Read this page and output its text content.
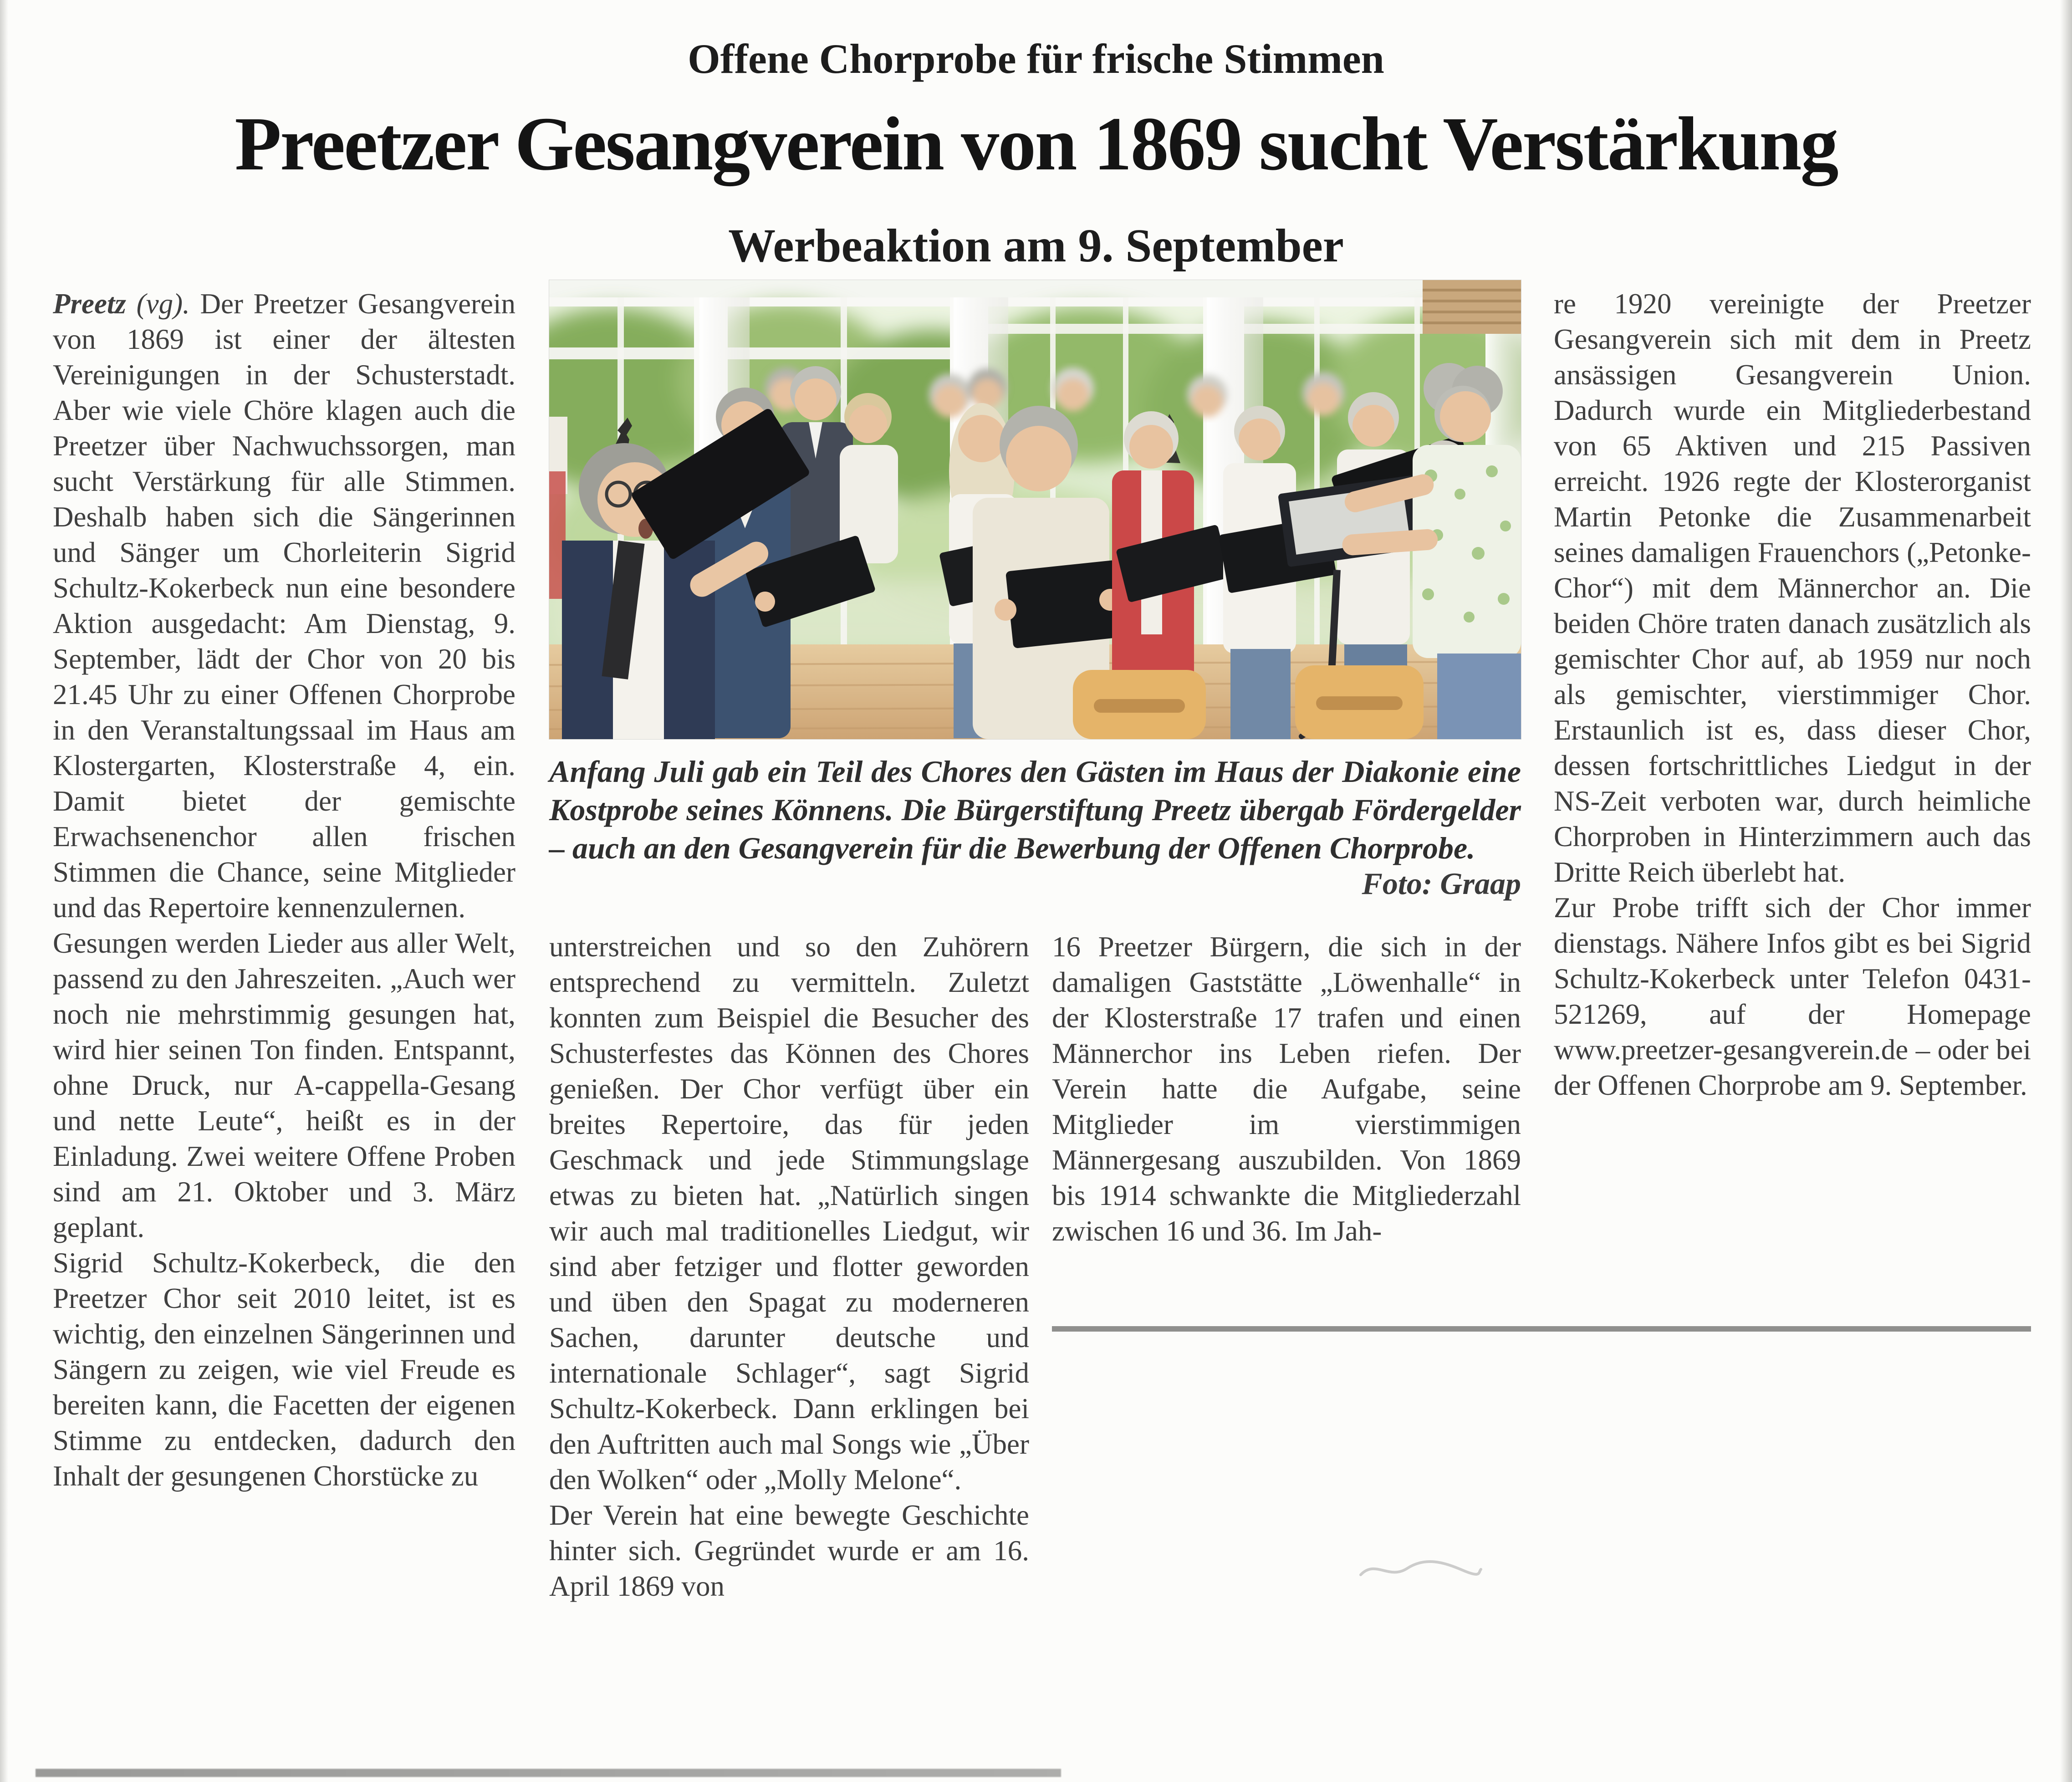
Offene Chorprobe für frische Stimmen
Preetzer Gesangverein von 1869 sucht Verstärkung
Werbeaktion am 9. September

Preetz (vg). Der Preetzer Gesangverein von 1869 ist einer der ältesten Vereinigungen in der Schusterstadt. Aber wie viele Chöre klagen auch die Preetzer über Nachwuchssorgen, man sucht Verstärkung für alle Stimmen. Deshalb haben sich die Sängerinnen und Sänger um Chorleiterin Sigrid Schultz-Kokerbeck nun eine besondere Aktion ausgedacht: Am Dienstag, 9. September, lädt der Chor von 20 bis 21.45 Uhr zu einer Offenen Chorprobe in den Veranstaltungssaal im Haus am Klostergarten, Klosterstraße 4, ein. Damit bietet der gemischte Erwachsenenchor allen frischen Stimmen die Chance, seine Mitglieder und das Repertoire kennenzulernen.

Gesungen werden Lieder aus aller Welt, passend zu den Jahreszeiten. „Auch wer noch nie mehrstimmig gesungen hat, wird hier seinen Ton finden. Entspannt, ohne Druck, nur A-cappella-Gesang und nette Leute“, heißt es in der Einladung. Zwei weitere Offene Proben sind am 21. Oktober und 3. März geplant.

Sigrid Schultz-Kokerbeck, die den Preetzer Chor seit 2010 leitet, ist es wichtig, den einzelnen Sängerinnen und Sängern zu zeigen, wie viel Freude es bereiten kann, die Facetten der eigenen Stimme zu entdecken, dadurch den Inhalt der gesungenen Chorstücke zu

Anfang Juli gab ein Teil des Chores den Gästen im Haus der Diakonie eine Kostprobe seines Könnens. Die Bürgerstiftung Preetz übergab Fördergelder – auch an den Gesangverein für die Bewerbung der Offenen Chorprobe.
Foto: Graap

unterstreichen und so den Zuhörern entsprechend zu vermitteln. Zuletzt konnten zum Beispiel die Besucher des Schusterfestes das Können des Chores genießen. Der Chor verfügt über ein breites Repertoire, das für jeden Geschmack und jede Stimmungslage etwas zu bieten hat. „Natürlich singen wir auch mal traditionelles Liedgut, wir sind aber fetziger und flotter geworden und üben den Spagat zu moderneren Sachen, darunter deutsche und internationale Schlager“, sagt Sigrid Schultz-Kokerbeck. Dann erklingen bei den Auftritten auch mal Songs wie „Über den Wolken“ oder „Molly Melone“.

Der Verein hat eine bewegte Geschichte hinter sich. Gegründet wurde er am 16. April 1869 von

16 Preetzer Bürgern, die sich in der damaligen Gaststätte „Löwenhalle“ in der Klosterstraße 17 trafen und einen Männerchor ins Leben riefen. Der Verein hatte die Aufgabe, seine Mitglieder im vierstimmigen Männergesang auszubilden. Von 1869 bis 1914 schwankte die Mitgliederzahl zwischen 16 und 36. Im Jah-

re 1920 vereinigte der Preetzer Gesangverein sich mit dem in Preetz ansässigen Gesangverein Union. Dadurch wurde ein Mitgliederbestand von 65 Aktiven und 215 Passiven erreicht. 1926 regte der Klosterorganist Martin Petonke die Zusammenarbeit seines damaligen Frauenchors („Petonke-Chor“) mit dem Männerchor an. Die beiden Chöre traten danach zusätzlich als gemischter Chor auf, ab 1959 nur noch als gemischter, vierstimmiger Chor. Erstaunlich ist es, dass dieser Chor, dessen fortschrittliches Liedgut in der NS-Zeit verboten war, durch heimliche Chorproben in Hinterzimmern auch das Dritte Reich überlebt hat.

Zur Probe trifft sich der Chor immer dienstags. Nähere Infos gibt es bei Sigrid Schultz-Kokerbeck unter Telefon 0431-521269, auf der Homepage www.preetzer-gesangverein.de – oder bei der Offenen Chorprobe am 9. September.
